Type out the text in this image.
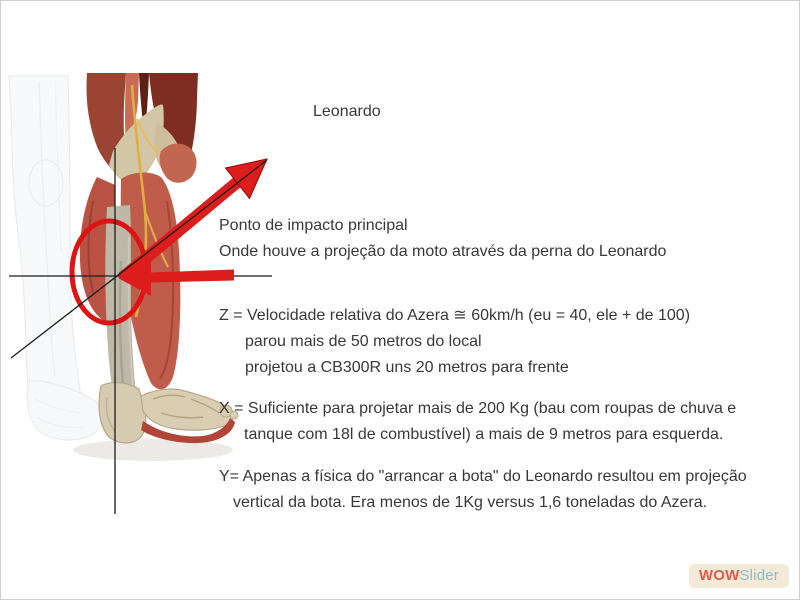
Leonardo
Ponto de impacto principal
Onde houve a projeção da moto através da perna do Leonardo
Z = Velocidade relativa do Azera ≅ 60km/h (eu = 40, ele + de 100)
parou mais de 50 metros do local
projetou a CB300R uns 20 metros para frente
X = Suficiente para projetar mais de 200 Kg (bau com roupas de chuva e
tanque com 18l de combustível) a mais de 9 metros para esquerda.
Y= Apenas a física do "arrancar a bota" do Leonardo resultou em projeção
vertical da bota. Era menos de 1Kg versus 1,6 toneladas do Azera.
WOWSlider
